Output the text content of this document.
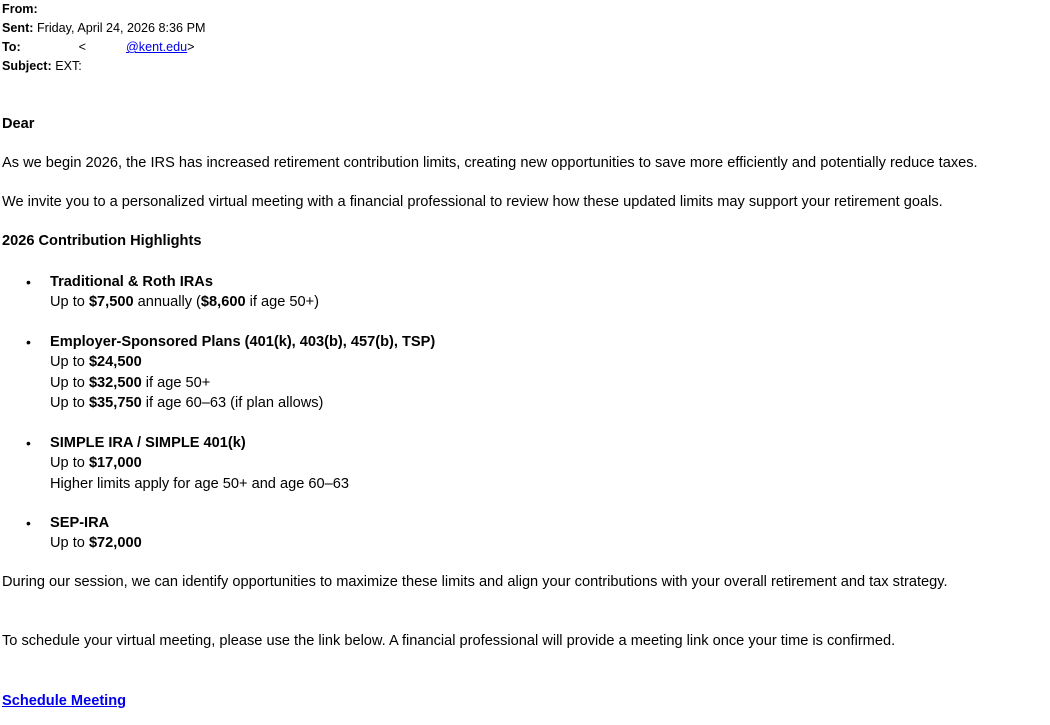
From:
Sent: Friday, April 24, 2026 8:36 PM
To:	<	@kent.edu>
Subject: EXT:
Dear
As we begin 2026, the IRS has increased retirement contribution limits, creating new opportunities to save more efficiently and potentially reduce taxes.
We invite you to a personalized virtual meeting with a financial professional to review how these updated limits may support your retirement goals.
2026 Contribution Highlights
• Traditional & Roth IRAs
Up to $7,500 annually ($8,600 if age 50+)
• Employer-Sponsored Plans (401(k), 403(b), 457(b), TSP)
Up to $24,500
Up to $32,500 if age 50+
Up to $35,750 if age 60–63 (if plan allows)
• SIMPLE IRA / SIMPLE 401(k)
Up to $17,000
Higher limits apply for age 50+ and age 60–63
• SEP-IRA
Up to $72,000
During our session, we can identify opportunities to maximize these limits and align your contributions with your overall retirement and tax strategy.
To schedule your virtual meeting, please use the link below. A financial professional will provide a meeting link once your time is confirmed.
Schedule Meeting
